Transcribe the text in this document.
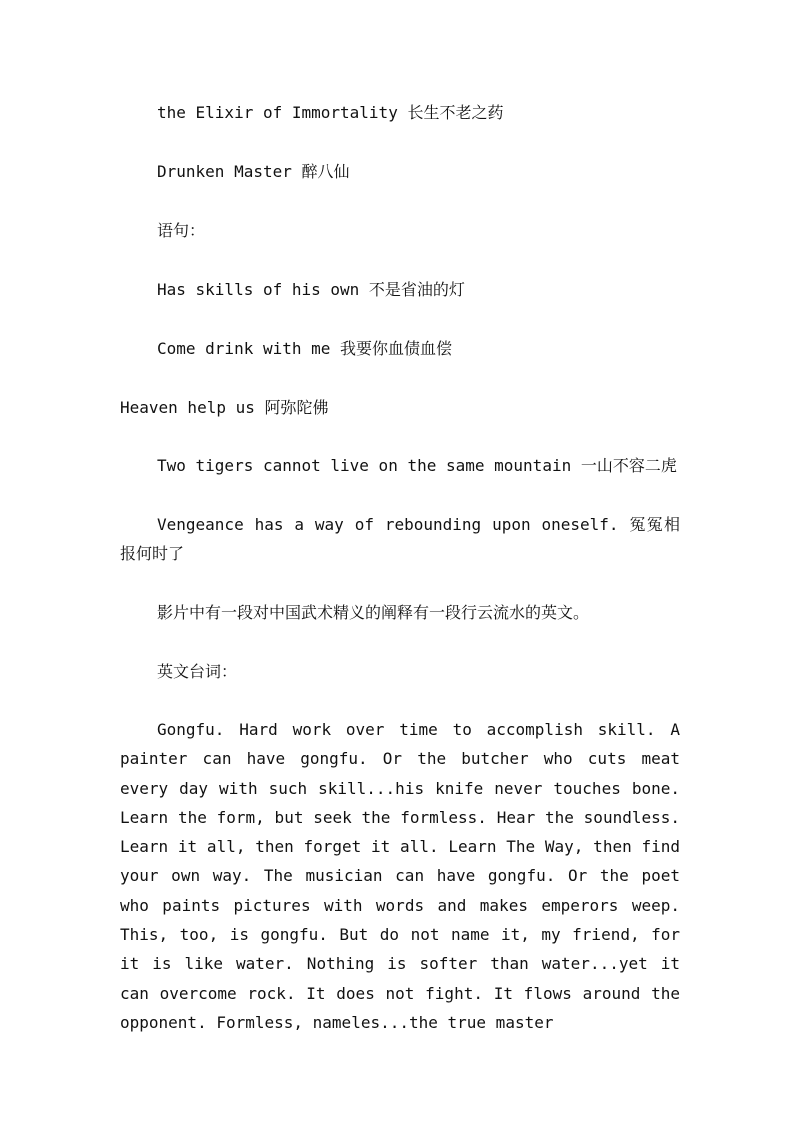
the Elixir of Immortality 长生不老之药
Drunken Master 醉八仙
语句：
Has skills of his own 不是省油的灯
Come drink with me 我要你血债血偿
Heaven help us 阿弥陀佛
Two tigers cannot live on the same mountain 一山不容二虎
Vengeance has a way of rebounding upon oneself. 冤冤相报何时了
影片中有一段对中国武术精义的阐释有一段行云流水的英文。
英文台词：
Gongfu. Hard work over time to accomplish skill. A painter can have gongfu. Or the butcher who cuts meat every day with such skill...his knife never touches bone. Learn the form, but seek the formless. Hear the soundless. Learn it all, then forget it all. Learn The Way, then find your own way. The musician can have gongfu. Or the poet who paints pictures with words and makes emperors weep. This, too, is gongfu. But do not name it, my friend, for it is like water. Nothing is softer than water...yet it can overcome rock. It does not fight. It flows around the opponent. Formless, nameles...the true master
